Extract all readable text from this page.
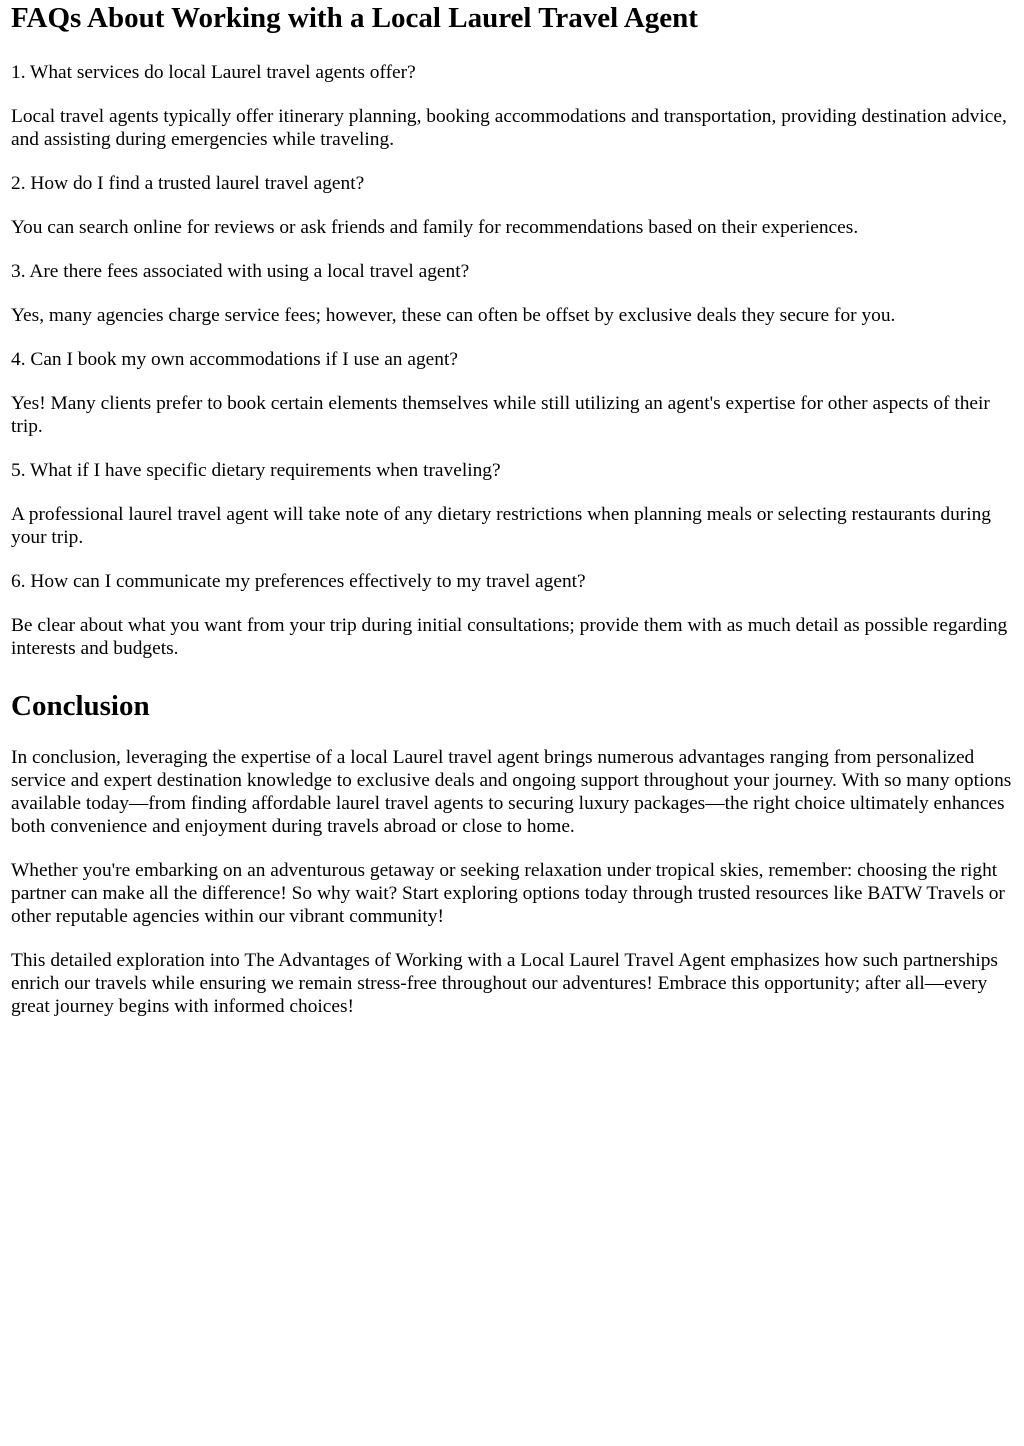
FAQs About Working with a Local Laurel Travel Agent

1. What services do local Laurel travel agents offer?

Local travel agents typically offer itinerary planning, booking accommodations and transportation, providing destination advice, and assisting during emergencies while traveling.

2. How do I find a trusted laurel travel agent?

You can search online for reviews or ask friends and family for recommendations based on their experiences.

3. Are there fees associated with using a local travel agent?

Yes, many agencies charge service fees; however, these can often be offset by exclusive deals they secure for you.

4. Can I book my own accommodations if I use an agent?

Yes! Many clients prefer to book certain elements themselves while still utilizing an agent's expertise for other aspects of their trip.

5. What if I have specific dietary requirements when traveling?

A professional laurel travel agent will take note of any dietary restrictions when planning meals or selecting restaurants during your trip.

6. How can I communicate my preferences effectively to my travel agent?

Be clear about what you want from your trip during initial consultations; provide them with as much detail as possible regarding interests and budgets.

Conclusion

In conclusion, leveraging the expertise of a local Laurel travel agent brings numerous advantages ranging from personalized service and expert destination knowledge to exclusive deals and ongoing support throughout your journey. With so many options available today—from finding affordable laurel travel agents to securing luxury packages—the right choice ultimately enhances both convenience and enjoyment during travels abroad or close to home.

Whether you're embarking on an adventurous getaway or seeking relaxation under tropical skies, remember: choosing the right partner can make all the difference! So why wait? Start exploring options today through trusted resources like BATW Travels or other reputable agencies within our vibrant community!

This detailed exploration into The Advantages of Working with a Local Laurel Travel Agent emphasizes how such partnerships enrich our travels while ensuring we remain stress-free throughout our adventures! Embrace this opportunity; after all—every great journey begins with informed choices!
